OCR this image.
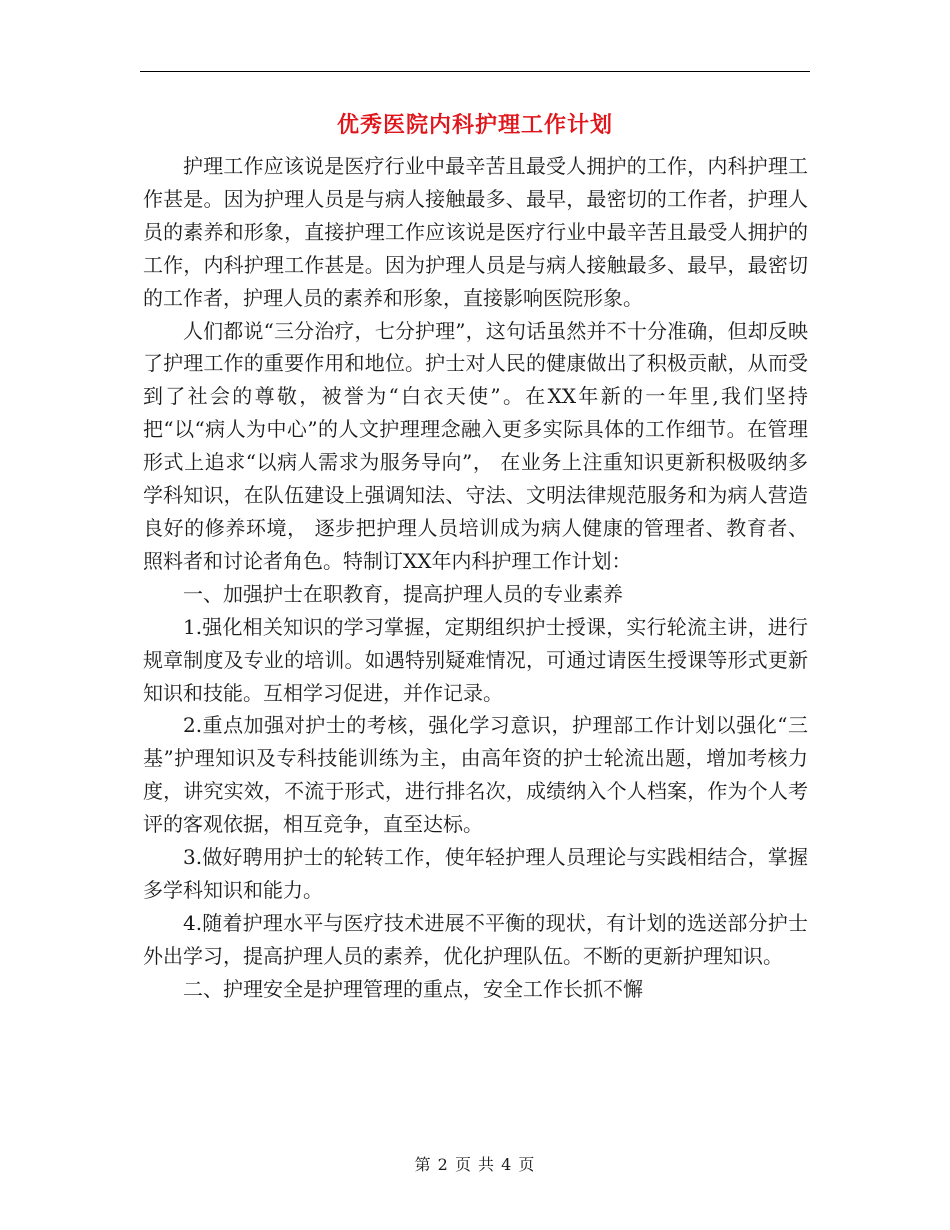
优秀医院内科护理工作计划

护理工作应该说是医疗行业中最辛苦且最受人拥护的工作，内科护理工作甚是。因为护理人员是与病人接触最多、最早，最密切的工作者，护理人员的素养和形象，直接护理工作应该说是医疗行业中最辛苦且最受人拥护的工作，内科护理工作甚是。因为护理人员是与病人接触最多、最早，最密切的工作者，护理人员的素养和形象，直接影响医院形象。

人们都说“三分治疗，七分护理”，这句话虽然并不十分准确，但却反映了护理工作的重要作用和地位。护士对人民的健康做出了积极贡献，从而受到了社会的尊敬，被誉为“白衣天使”。在XX年新的一年里,我们坚持把“以“病人为中心”的人文护理理念融入更多实际具体的工作细节。在管理形式上追求“以病人需求为服务导向”， 在业务上注重知识更新积极吸纳多学科知识，在队伍建设上强调知法、守法、文明法律规范服务和为病人营造良好的修养环境， 逐步把护理人员培训成为病人健康的管理者、教育者、 照料者和讨论者角色。特制订XX年内科护理工作计划：

一、加强护士在职教育，提高护理人员的专业素养

1.强化相关知识的学习掌握，定期组织护士授课，实行轮流主讲，进行规章制度及专业的培训。如遇特别疑难情况，可通过请医生授课等形式更新知识和技能。互相学习促进，并作记录。

2.重点加强对护士的考核，强化学习意识，护理部工作计划以强化“三基”护理知识及专科技能训练为主，由高年资的护士轮流出题，增加考核力度，讲究实效，不流于形式，进行排名次，成绩纳入个人档案，作为个人考评的客观依据，相互竞争，直至达标。

3.做好聘用护士的轮转工作，使年轻护理人员理论与实践相结合，掌握多学科知识和能力。

4.随着护理水平与医疗技术进展不平衡的现状，有计划的选送部分护士外出学习，提高护理人员的素养，优化护理队伍。不断的更新护理知识。

二、护理安全是护理管理的重点，安全工作长抓不懈

第 2 页 共 4 页
